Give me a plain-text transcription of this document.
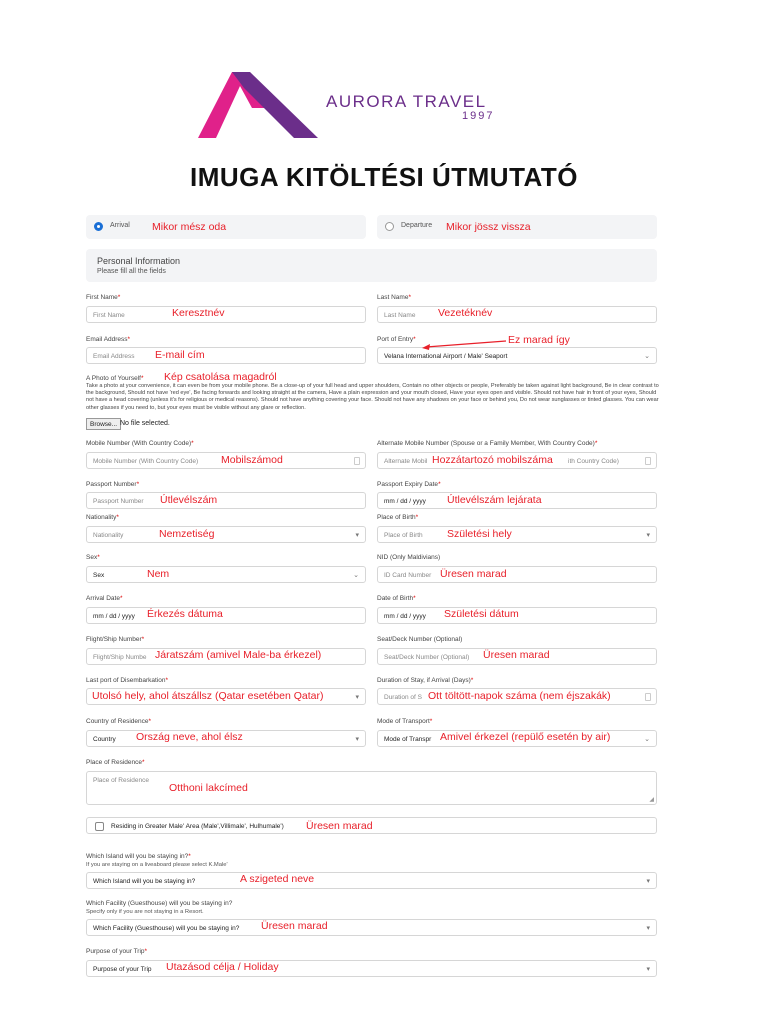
AURORA TRAVEL
1997
IMUGA KITÖLTÉSI ÚTMUTATÓ
Arrival Mikor mész oda	Departure Mikor jössz vissza
Personal Information
Please fill all the fields
First Name*
First Name	Keresztnév
Last Name*
Last Name Vezetéknév
Email Address*
Email Address E-mail cím
Port of Entry*
Velana International Airport / Male' Seaport	⌄
Ez marad így
A Photo of Yourself* Kép csatolása magadról
Take a photo at your convenience, it can even be from your mobile phone. Be a close-up of your full head and upper shoulders, Contain no other objects or people, Preferably be taken against light background, Be in clear contrast to the background, Should not have 'red eye', Be facing forwards and looking straight at the camera, Have a plain expression and your mouth closed, Have your eyes open and visible. Should not have hair in front of your eyes, Should not have a head covering (unless it's for religious or medical reasons). Should not have anything covering your face. Should not have any shadows on your face or behind you, Do not wear sunglasses or tinted glasses. You can wear other glasses if you need to, but your eyes must be visible without any glare or reflection.
Browse... No file selected.
Mobile Number (With Country Code)*
Mobile Number (With Country Code) Mobilszámod
Alternate Mobile Number (Spouse or a Family Member, With Country Code)*
Alternate Mobil	ith Country Code)
Hozzátartozó mobilszáma
Passport Number*
Passport Number Útlevélszám
Passport Expiry Date*
mm / dd / yyyy Útlevélszám lejárata
Nationality*
Nationality	▾
Nemzetiség
Place of Birth*
Place of Birth	▾
Születési hely
Sex*
Sex	⌄
Nem
NID (Only Maldivians)
ID Card Number Üresen marad
Arrival Date*
mm / dd / yyyy Érkezés dátuma
Date of Birth*
mm / dd / yyyy Születési dátum
Flight/Ship Number*
Flight/Ship Numbe Járatszám (amivel Male-ba érkezel)
Seat/Deck Number (Optional)
Seat/Deck Number (Optional) Üresen marad
Last port of Disembarkation*
▾
Utolsó hely, ahol átszállsz (Qatar esetében Qatar)
Duration of Stay, if Arrival (Days)*
Duration of S Ott töltött-napok száma (nem éjszakák)
Country of Residence*
Country	▾
Ország neve, ahol élsz
Mode of Transport*
Mode of Transpr	⌄
Amivel érkezel (repülő esetén by air)
Place of Residence*
Place of Residence
◢
Otthoni lakcímed
Residing in Greater Male' Area (Male',Villimale', Hulhumale') Üresen marad
Which Island will you be staying in?*
If you are staying on a liveaboard please select K.Male'
Which Island will you be staying in?	▾
A szigeted neve
Which Facility (Guesthouse) will you be staying in?
Specify only if you are not staying in a Resort.
Which Facility (Guesthouse) will you be staying in?	▾
Üresen marad
Purpose of your Trip*
Purpose of your Trip	▾
Utazásod célja / Holiday
